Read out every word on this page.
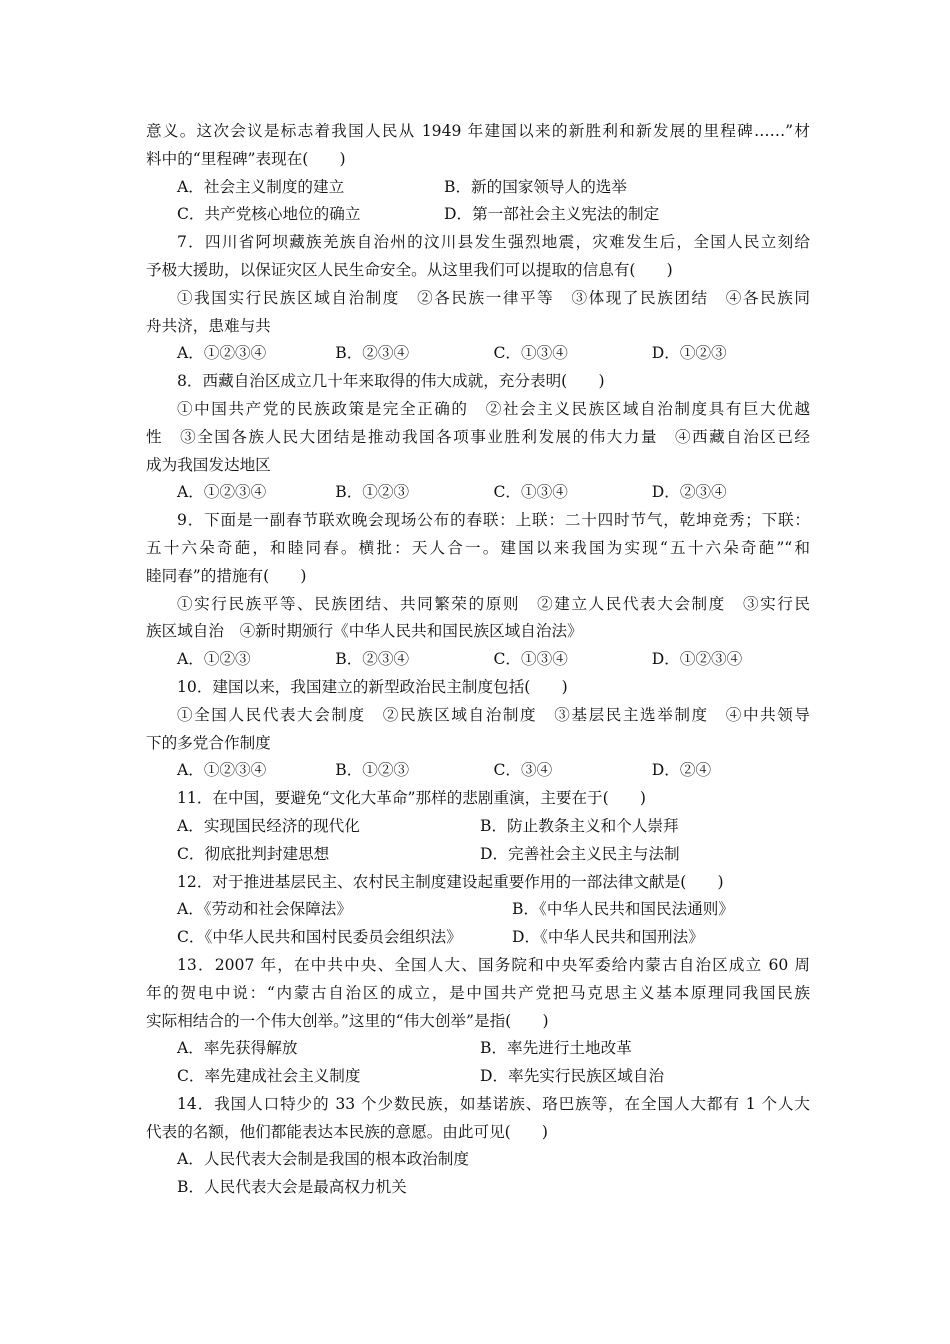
意义。这次会议是标志着我国人民从 1949 年建国以来的新胜利和新发展的里程碑……”材
料中的“里程碑”表现在(　　)
A．社会主义制度的建立	B．新的国家领导人的选举
C．共产党核心地位的确立	D．第一部社会主义宪法的制定
7．四川省阿坝藏族羌族自治州的汶川县发生强烈地震，灾难发生后，全国人民立刻给
予极大援助，以保证灾区人民生命安全。从这里我们可以提取的信息有(　　)
①我国实行民族区域自治制度　②各民族一律平等　③体现了民族团结　④各民族同
舟共济，患难与共
A．①②③④	B．②③④	C．①③④	D．①②③
8．西藏自治区成立几十年来取得的伟大成就，充分表明(　　)
①中国共产党的民族政策是完全正确的　②社会主义民族区域自治制度具有巨大优越
性　③全国各族人民大团结是推动我国各项事业胜利发展的伟大力量　④西藏自治区已经
成为我国发达地区
A．①②③④	B．①②③	C．①③④	D．②③④
9．下面是一副春节联欢晚会现场公布的春联：上联：二十四时节气，乾坤竞秀；下联：
五十六朵奇葩，和睦同春。横批：天人合一。建国以来我国为实现“五十六朵奇葩”“和
睦同春”的措施有(　　)
①实行民族平等、民族团结、共同繁荣的原则　②建立人民代表大会制度　③实行民
族区域自治　④新时期颁行《中华人民共和国民族区域自治法》
A．①②③	B．②③④	C．①③④	D．①②③④
10．建国以来，我国建立的新型政治民主制度包括(　　)
①全国人民代表大会制度　②民族区域自治制度　③基层民主选举制度　④中共领导
下的多党合作制度
A．①②③④	B．①②③	C．③④	D．②④
11．在中国，要避免“文化大革命”那样的悲剧重演，主要在于(　　)
A．实现国民经济的现代化	B．防止教条主义和个人崇拜
C．彻底批判封建思想	D．完善社会主义民主与法制
12．对于推进基层民主、农村民主制度建设起重要作用的一部法律文献是(　　)
A．《劳动和社会保障法》	B．《中华人民共和国民法通则》
C．《中华人民共和国村民委员会组织法》	D．《中华人民共和国刑法》
13．2007 年，在中共中央、全国人大、国务院和中央军委给内蒙古自治区成立 60 周
年的贺电中说：“内蒙古自治区的成立，是中国共产党把马克思主义基本原理同我国民族
实际相结合的一个伟大创举。”这里的“伟大创举”是指(　　)
A．率先获得解放	B．率先进行土地改革
C．率先建成社会主义制度	D．率先实行民族区域自治
14．我国人口特少的 33 个少数民族，如基诺族、珞巴族等，在全国人大都有 1 个人大
代表的名额，他们都能表达本民族的意愿。由此可见(　　)
A．人民代表大会制是我国的根本政治制度
B．人民代表大会是最高权力机关
